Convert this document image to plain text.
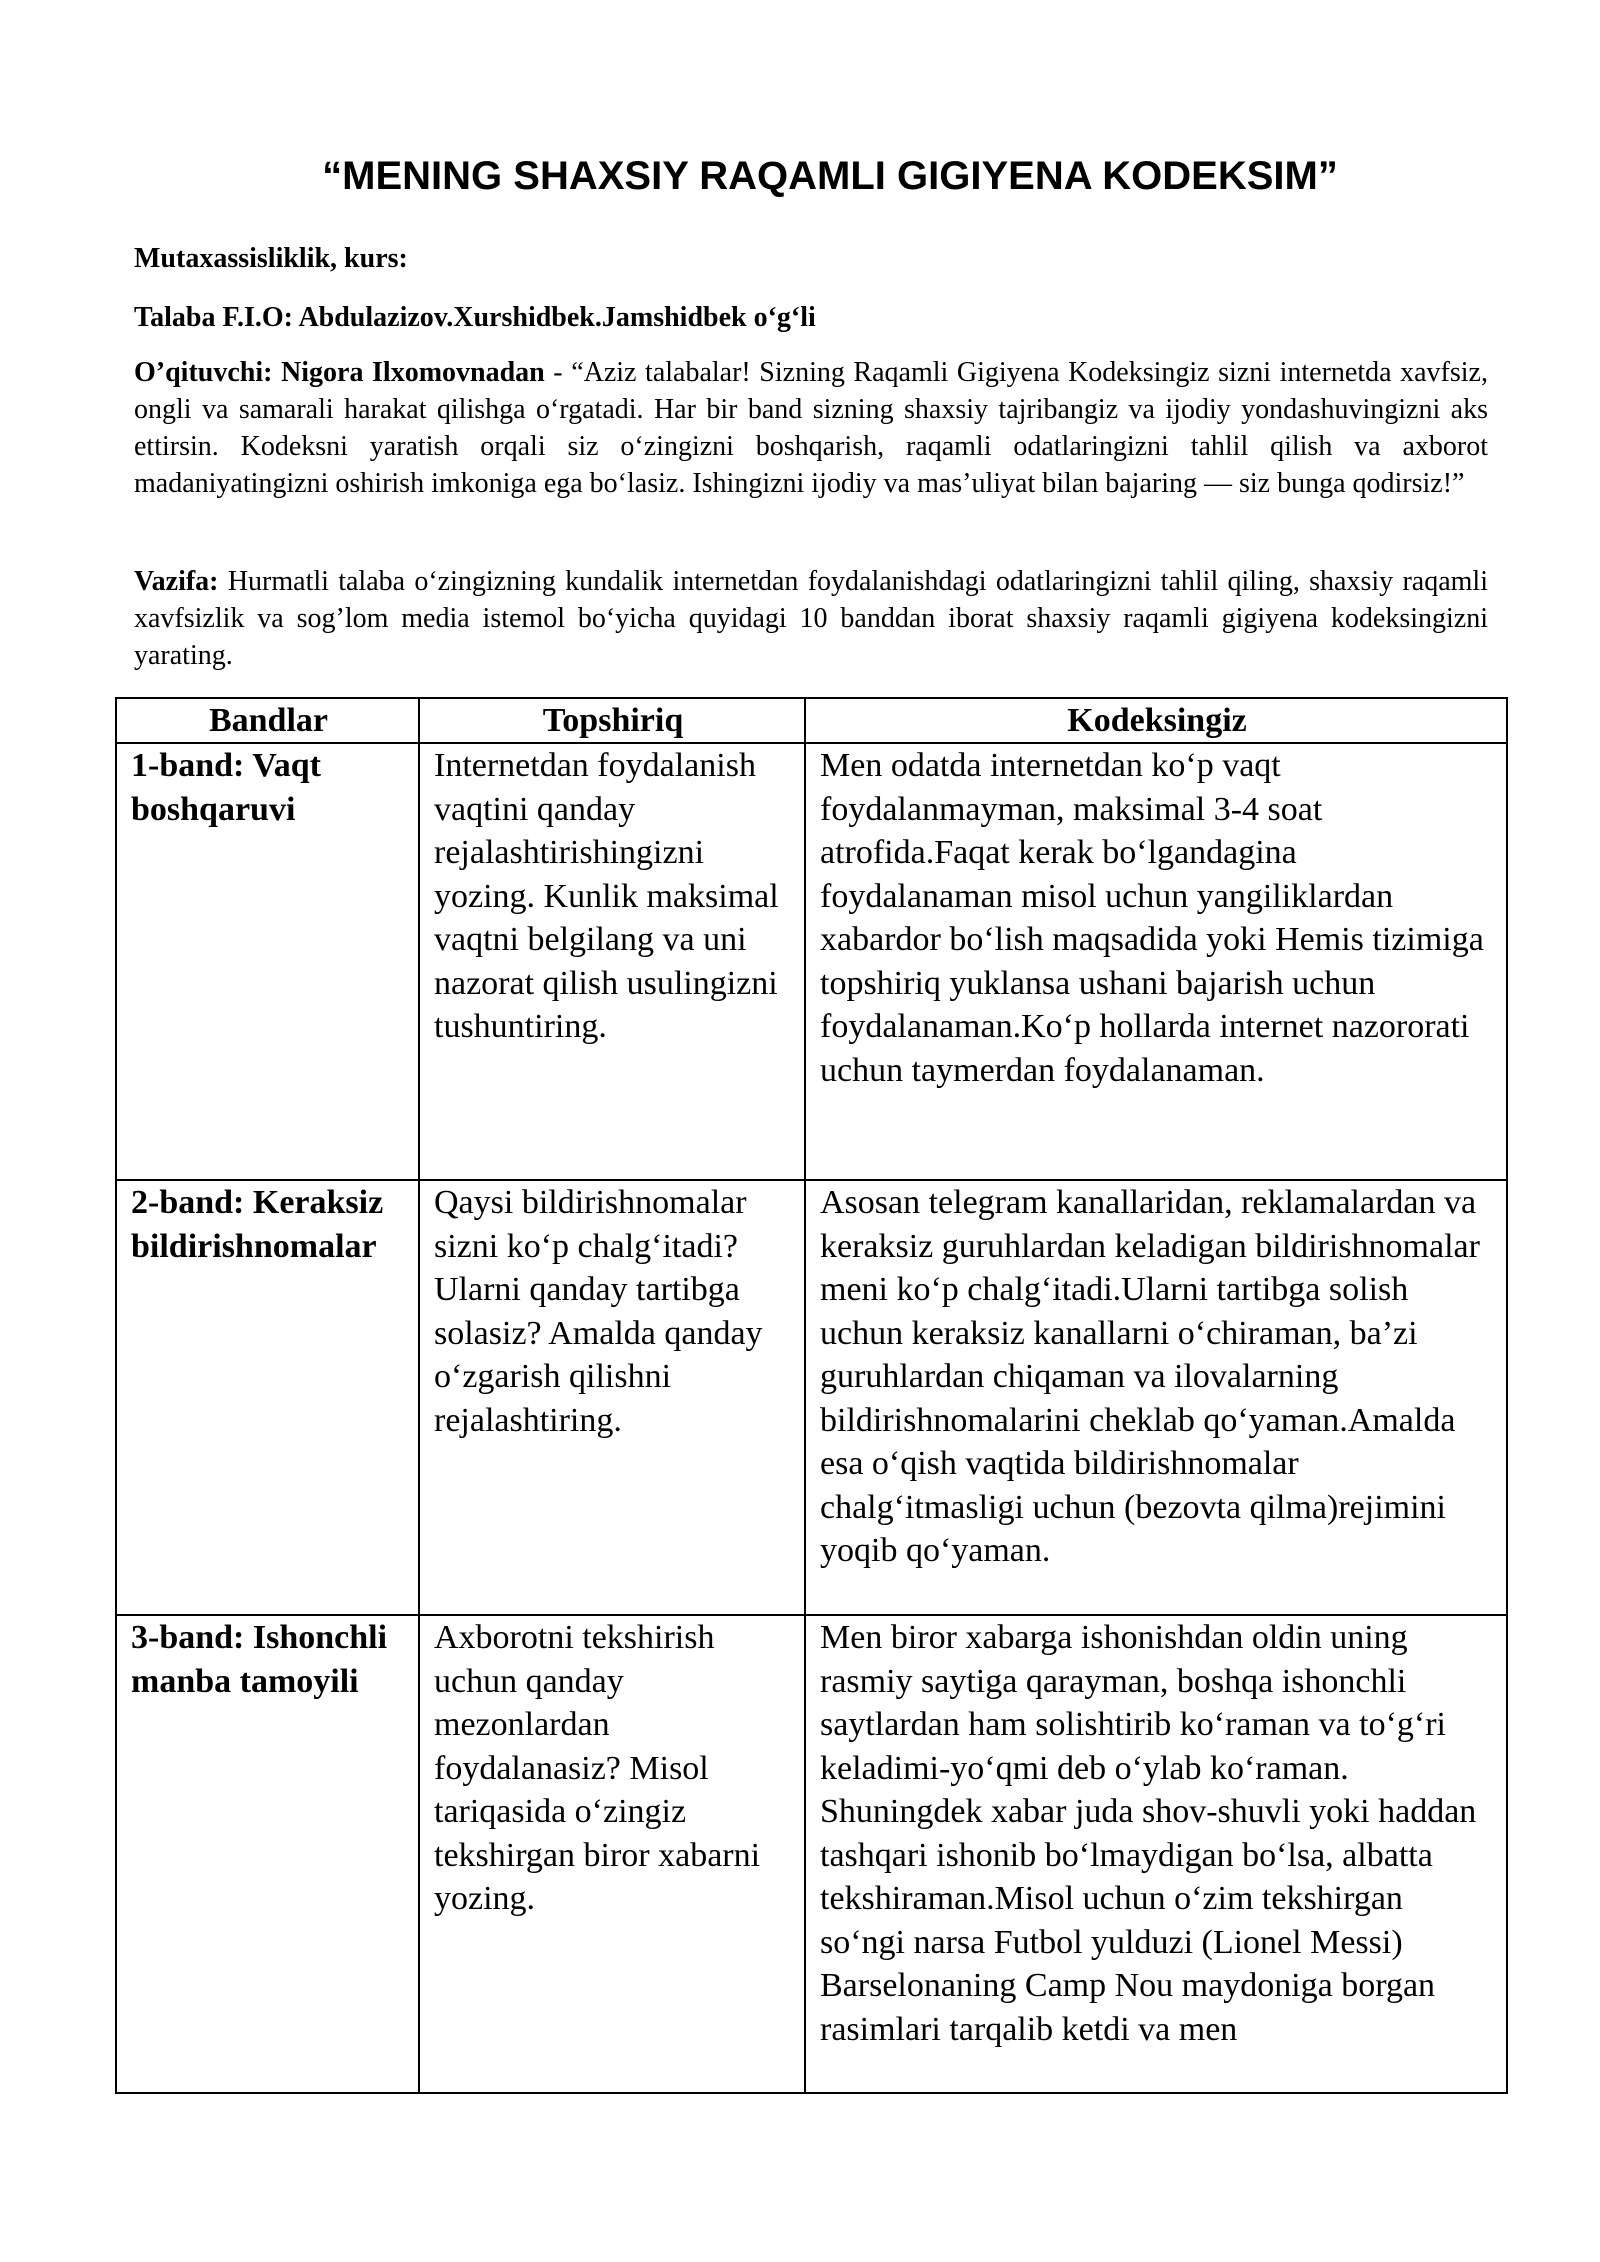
“MENING SHAXSIY RAQAMLI GIGIYENA KODEKSIM”
Mutaxassisliklik, kurs:
Talaba F.I.O: Abdulazizov.Xurshidbek.Jamshidbek o‘g‘li
O’qituvchi: Nigora Ilxomovnadan - “Aziz talabalar! Sizning Raqamli Gigiyena Kodeksingiz sizni internetda xavfsiz, ongli va samarali harakat qilishga o‘rgatadi. Har bir band sizning shaxsiy tajribangiz va ijodiy yondashuvingizni aks ettirsin. Kodeksni yaratish orqali siz o‘zingizni boshqarish, raqamli odatlaringizni tahlil qilish va axborot madaniyatingizni oshirish imkoniga ega bo‘lasiz. Ishingizni ijodiy va mas’uliyat bilan bajaring — siz bunga qodirsiz!”
Vazifa: Hurmatli talaba o‘zingizning kundalik internetdan foydalanishdagi odatlaringizni tahlil qiling, shaxsiy raqamli xavfsizlik va sog’lom media istemol bo‘yicha quyidagi 10 banddan iborat shaxsiy raqamli gigiyena kodeksingizni yarating.
Bandlar	Topshiriq	Kodeksingiz
1-band: Vaqt boshqaruvi	Internetdan foydalanish vaqtini qanday rejalashtirishingizni yozing. Kunlik maksimal vaqtni belgilang va uni nazorat qilish usulingizni tushuntiring.	Men odatda internetdan ko‘p vaqt foydalanmayman, maksimal 3-4 soat atrofida.Faqat kerak bo‘lgandagina foydalanaman misol uchun yangiliklardan xabardor bo‘lish maqsadida yoki Hemis tizimiga topshiriq yuklansa ushani bajarish uchun foydalanaman.Ko‘p hollarda internet nazororati uchun taymerdan foydalanaman.
2-band: Keraksiz bildirishnomalar	Qaysi bildirishnomalar sizni ko‘p chalg‘itadi? Ularni qanday tartibga solasiz? Amalda qanday o‘zgarish qilishni rejalashtiring.	Asosan telegram kanallaridan, reklamalardan va keraksiz guruhlardan keladigan bildirishnomalar meni ko‘p chalg‘itadi.Ularni tartibga solish uchun keraksiz kanallarni o‘chiraman, ba’zi guruhlardan chiqaman va ilovalarning bildirishnomalarini cheklab qo‘yaman.Amalda esa o‘qish vaqtida bildirishnomalar chalg‘itmasligi uchun (bezovta qilma)rejimini yoqib qo‘yaman.
3-band: Ishonchli manba tamoyili	Axborotni tekshirish uchun qanday mezonlardan foydalanasiz? Misol tariqasida o‘zingiz tekshirgan biror xabarni yozing.	Men biror xabarga ishonishdan oldin uning rasmiy saytiga qarayman, boshqa ishonchli saytlardan ham solishtirib ko‘raman va to‘g‘ri keladimi-yo‘qmi deb o‘ylab ko‘raman. Shuningdek xabar juda shov-shuvli yoki haddan tashqari ishonib bo‘lmaydigan bo‘lsa, albatta tekshiraman.Misol uchun o‘zim tekshirgan so‘ngi narsa Futbol yulduzi (Lionel Messi) Barselonaning Camp Nou maydoniga borgan rasimlari tarqalib ketdi va men
